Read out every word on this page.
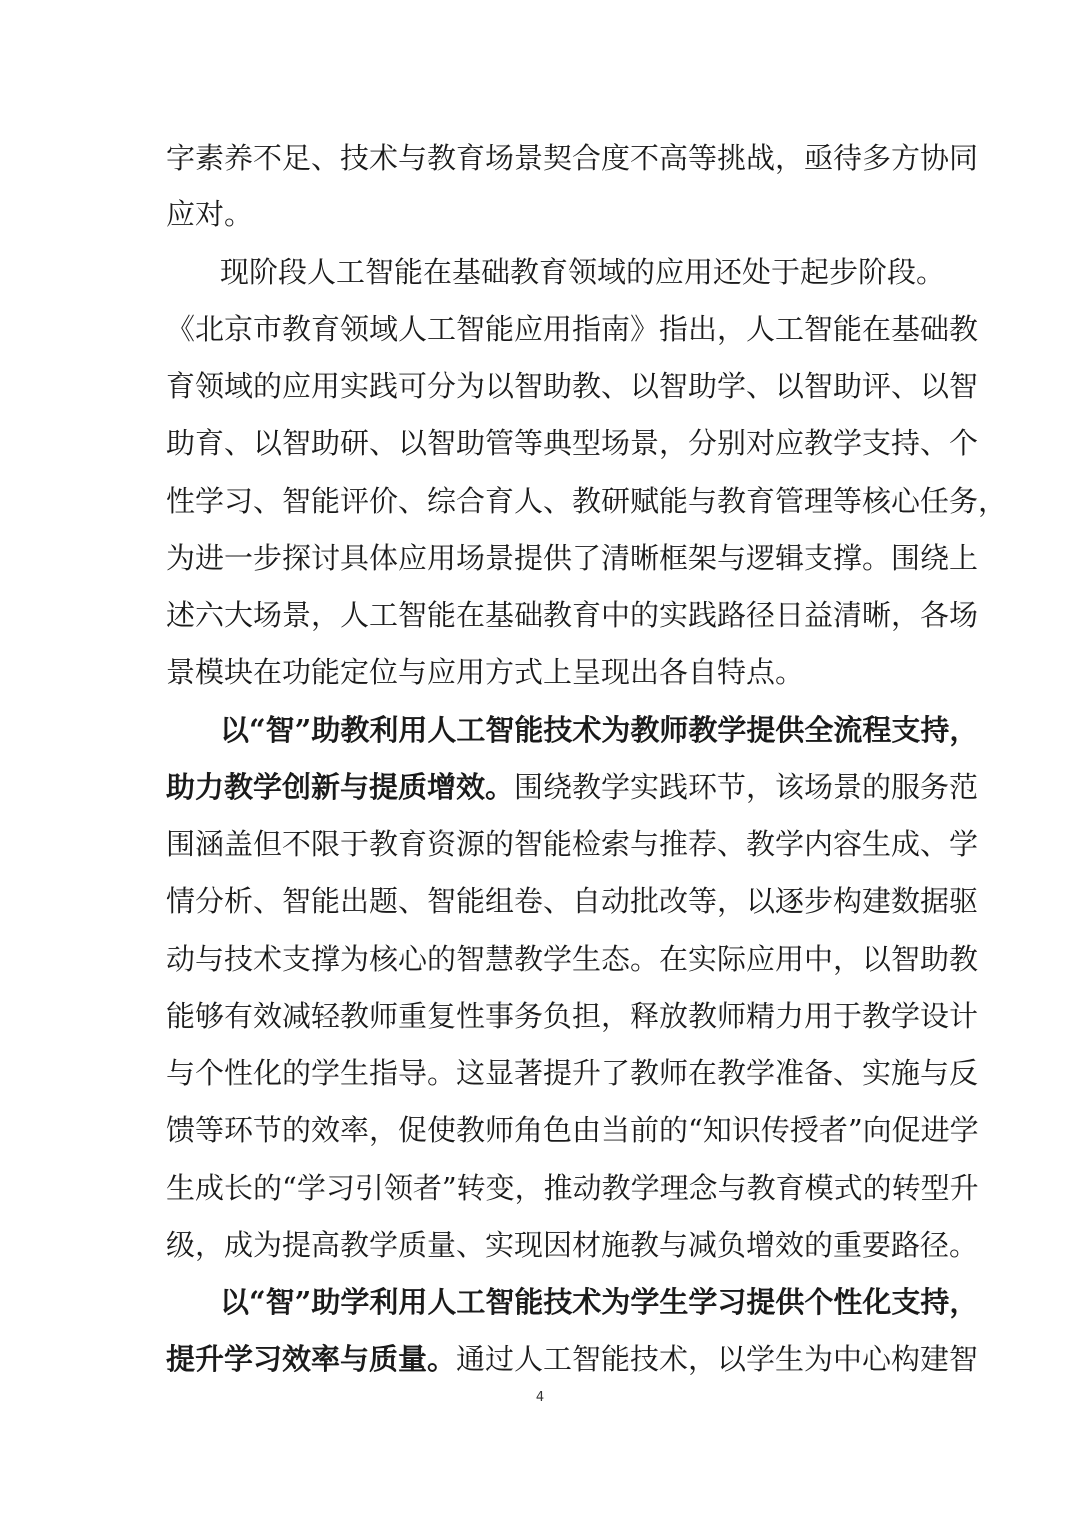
字素养不足、技术与教育场景契合度不高等挑战，亟待多方协同
应对。
现阶段人工智能在基础教育领域的应用还处于起步阶段。
《北京市教育领域人工智能应用指南》指出，人工智能在基础教
育领域的应用实践可分为以智助教、以智助学、以智助评、以智
助育、以智助研、以智助管等典型场景，分别对应教学支持、个
性学习、智能评价、综合育人、教研赋能与教育管理等核心任务，
为进一步探讨具体应用场景提供了清晰框架与逻辑支撑。围绕上
述六大场景，人工智能在基础教育中的实践路径日益清晰，各场
景模块在功能定位与应用方式上呈现出各自特点。
以“智”助教利用人工智能技术为教师教学提供全流程支持，
助力教学创新与提质增效。围绕教学实践环节，该场景的服务范
围涵盖但不限于教育资源的智能检索与推荐、教学内容生成、学
情分析、智能出题、智能组卷、自动批改等，以逐步构建数据驱
动与技术支撑为核心的智慧教学生态。在实际应用中，以智助教
能够有效减轻教师重复性事务负担，释放教师精力用于教学设计
与个性化的学生指导。这显著提升了教师在教学准备、实施与反
馈等环节的效率，促使教师角色由当前的“知识传授者”向促进学
生成长的“学习引领者”转变，推动教学理念与教育模式的转型升
级，成为提高教学质量、实现因材施教与减负增效的重要路径。
以“智”助学利用人工智能技术为学生学习提供个性化支持，
提升学习效率与质量。通过人工智能技术，以学生为中心构建智
4
